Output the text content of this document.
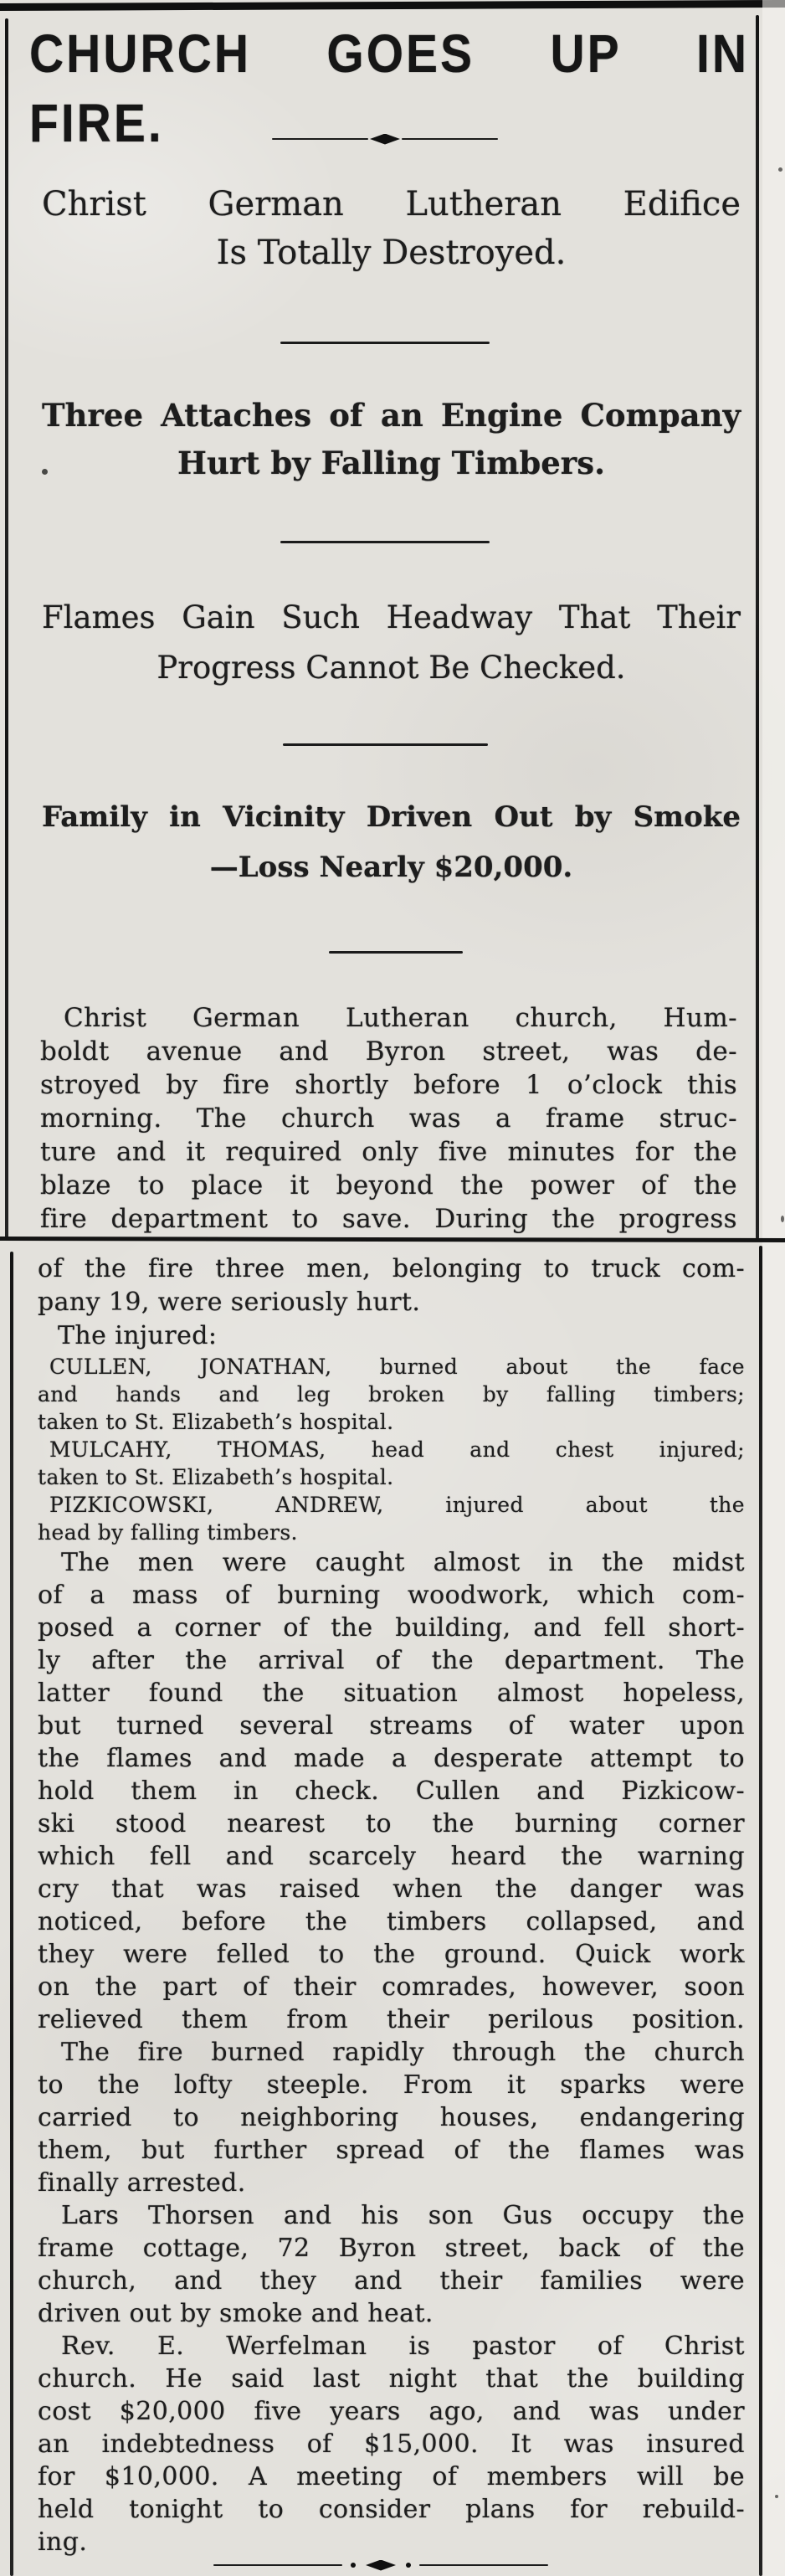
CHURCH GOES UP IN FIRE.
Christ German Lutheran Edifice
Is Totally Destroyed.
Three Attaches of an Engine Company
Hurt by Falling Timbers.
Flames Gain Such Headway That Their
Progress Cannot Be Checked.
Family in Vicinity Driven Out by Smoke
—Loss Nearly $20,000.
Christ German Lutheran church, Hum-
boldt avenue and Byron street, was de-
stroyed by fire shortly before 1 o’clock this
morning. The church was a frame struc-
ture and it required only five minutes for the
blaze to place it beyond the power of the
fire department to save. During the progress
of the fire three men, belonging to truck com-
pany 19, were seriously hurt.
The injured:
CULLEN, JONATHAN, burned about the face
and hands and leg broken by falling timbers;
taken to St. Elizabeth’s hospital.
MULCAHY, THOMAS, head and chest injured;
taken to St. Elizabeth’s hospital.
PIZKICOWSKI, ANDREW, injured about the
head by falling timbers.
The men were caught almost in the midst
of a mass of burning woodwork, which com-
posed a corner of the building, and fell short-
ly after the arrival of the department. The
latter found the situation almost hopeless,
but turned several streams of water upon
the flames and made a desperate attempt to
hold them in check. Cullen and Pizkicow-
ski stood nearest to the burning corner
which fell and scarcely heard the warning
cry that was raised when the danger was
noticed, before the timbers collapsed, and
they were felled to the ground. Quick work
on the part of their comrades, however, soon
relieved them from their perilous position.
The fire burned rapidly through the church
to the lofty steeple. From it sparks were
carried to neighboring houses, endangering
them, but further spread of the flames was
finally arrested.
Lars Thorsen and his son Gus occupy the
frame cottage, 72 Byron street, back of the
church, and they and their families were
driven out by smoke and heat.
Rev. E. Werfelman is pastor of Christ
church. He said last night that the building
cost $20,000 five years ago, and was under
an indebtedness of $15,000. It was insured
for $10,000. A meeting of members will be
held tonight to consider plans for rebuild-
ing.
